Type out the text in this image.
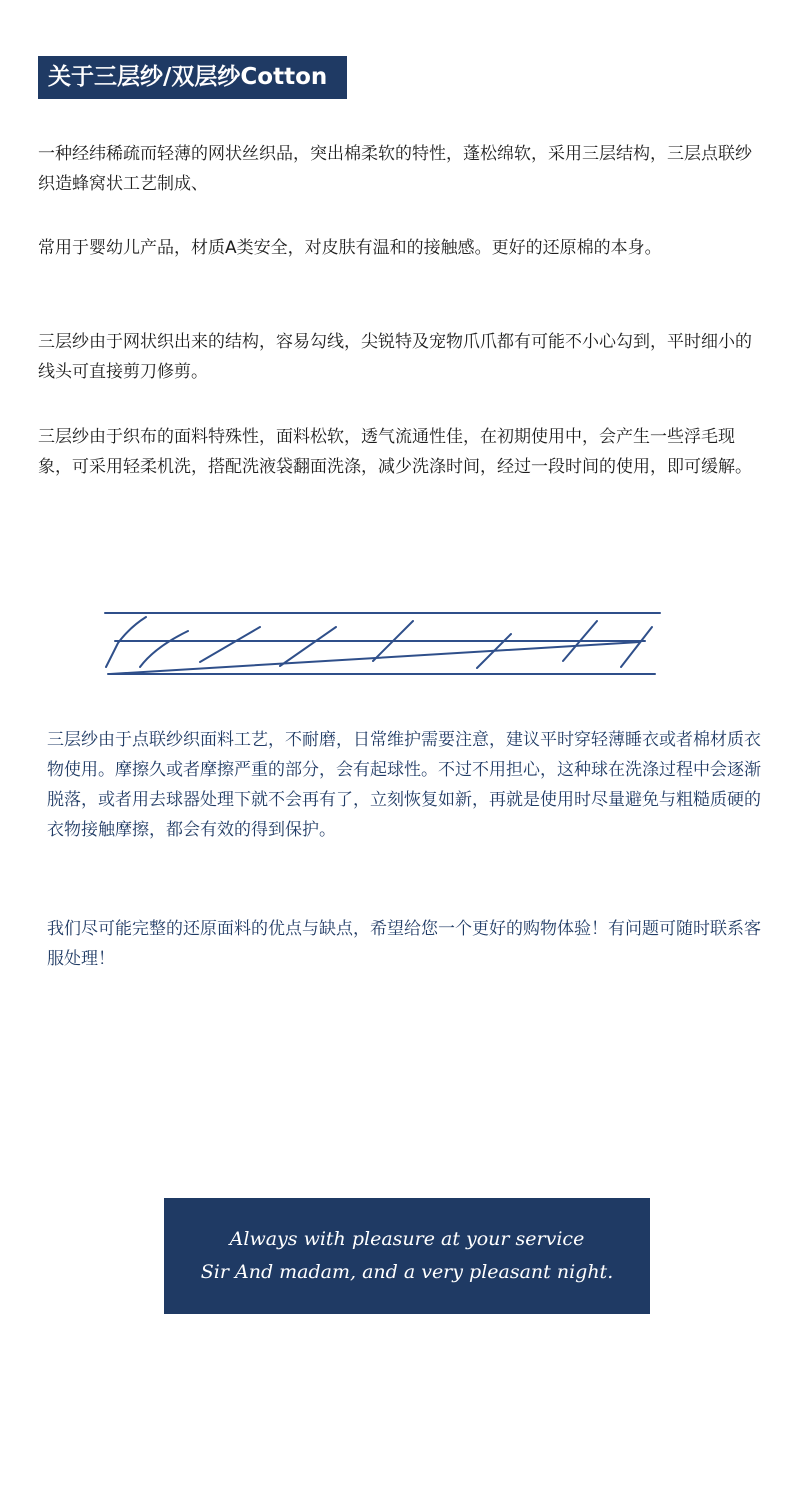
关于三层纱/双层纱Cotton

一种经纬稀疏而轻薄的网状丝织品，突出棉柔软的特性，蓬松绵软，采用三层结构，三层点联纱织造蜂窝状工艺制成、

常用于婴幼儿产品，材质A类安全，对皮肤有温和的接触感。更好的还原棉的本身。

三层纱由于网状织出来的结构，容易勾线，尖锐特及宠物爪爪都有可能不小心勾到，平时细小的线头可直接剪刀修剪。

三层纱由于织布的面料特殊性，面料松软，透气流通性佳，在初期使用中，会产生一些浮毛现象，可采用轻柔机洗，搭配洗液袋翻面洗涤，减少洗涤时间，经过一段时间的使用，即可缓解。

三层纱由于点联纱织面料工艺，不耐磨，日常维护需要注意，建议平时穿轻薄睡衣或者棉材质衣物使用。摩擦久或者摩擦严重的部分，会有起球性。不过不用担心，这种球在洗涤过程中会逐渐脱落，或者用去球器处理下就不会再有了，立刻恢复如新，再就是使用时尽量避免与粗糙质硬的衣物接触摩擦，都会有效的得到保护。

我们尽可能完整的还原面料的优点与缺点，希望给您一个更好的购物体验！有问题可随时联系客服处理！

Always with pleasure at your service
Sir And madam, and a very pleasant night.
